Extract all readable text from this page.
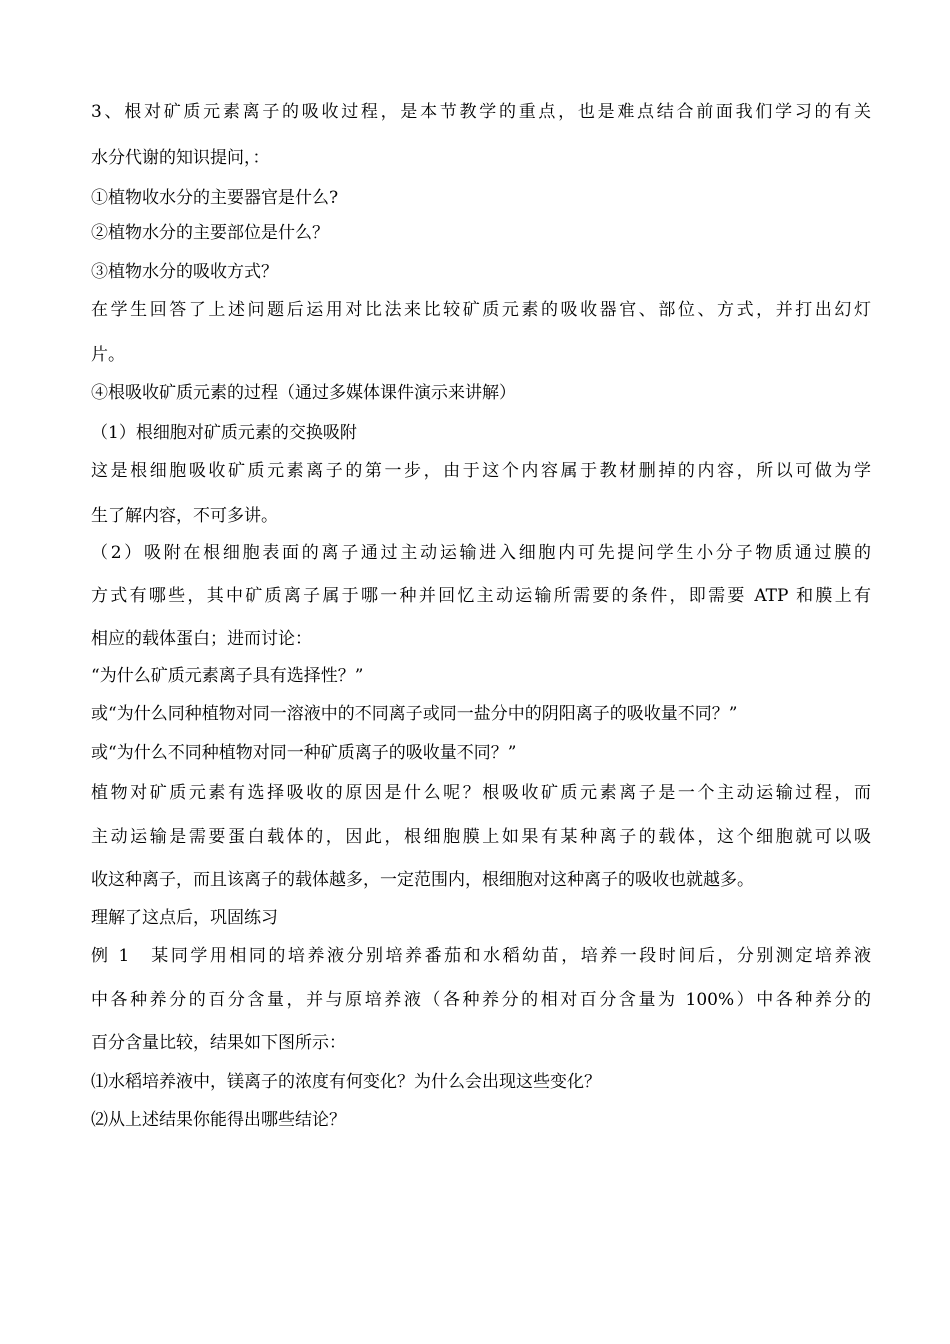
3、根对矿质元素离子的吸收过程，是本节教学的重点，也是难点结合前面我们学习的有关
水分代谢的知识提问，：
①植物收水分的主要器官是什么?
②植物水分的主要部位是什么？
③植物水分的吸收方式？
在学生回答了上述问题后运用对比法来比较矿质元素的吸收器官、部位、方式，并打出幻灯
片。
④根吸收矿质元素的过程（通过多媒体课件演示来讲解）
（1）根细胞对矿质元素的交换吸附
这是根细胞吸收矿质元素离子的第一步，由于这个内容属于教材删掉的内容，所以可做为学
生了解内容，不可多讲。
（2）吸附在根细胞表面的离子通过主动运输进入细胞内可先提问学生小分子物质通过膜的
方式有哪些，其中矿质离子属于哪一种并回忆主动运输所需要的条件，即需要 ATP 和膜上有
相应的载体蛋白；进而讨论：
“为什么矿质元素离子具有选择性？”
或“为什么同种植物对同一溶液中的不同离子或同一盐分中的阴阳离子的吸收量不同？”
或“为什么不同种植物对同一种矿质离子的吸收量不同？”
植物对矿质元素有选择吸收的原因是什么呢？根吸收矿质元素离子是一个主动运输过程，而
主动运输是需要蛋白载体的，因此，根细胞膜上如果有某种离子的载体，这个细胞就可以吸
收这种离子，而且该离子的载体越多，一定范围内，根细胞对这种离子的吸收也就越多。
理解了这点后，巩固练习
例 1　某同学用相同的培养液分别培养番茄和水稻幼苗，培养一段时间后，分别测定培养液
中各种养分的百分含量，并与原培养液（各种养分的相对百分含量为 100%）中各种养分的
百分含量比较，结果如下图所示：
⑴水稻培养液中，镁离子的浓度有何变化？为什么会出现这些变化？
⑵从上述结果你能得出哪些结论？
